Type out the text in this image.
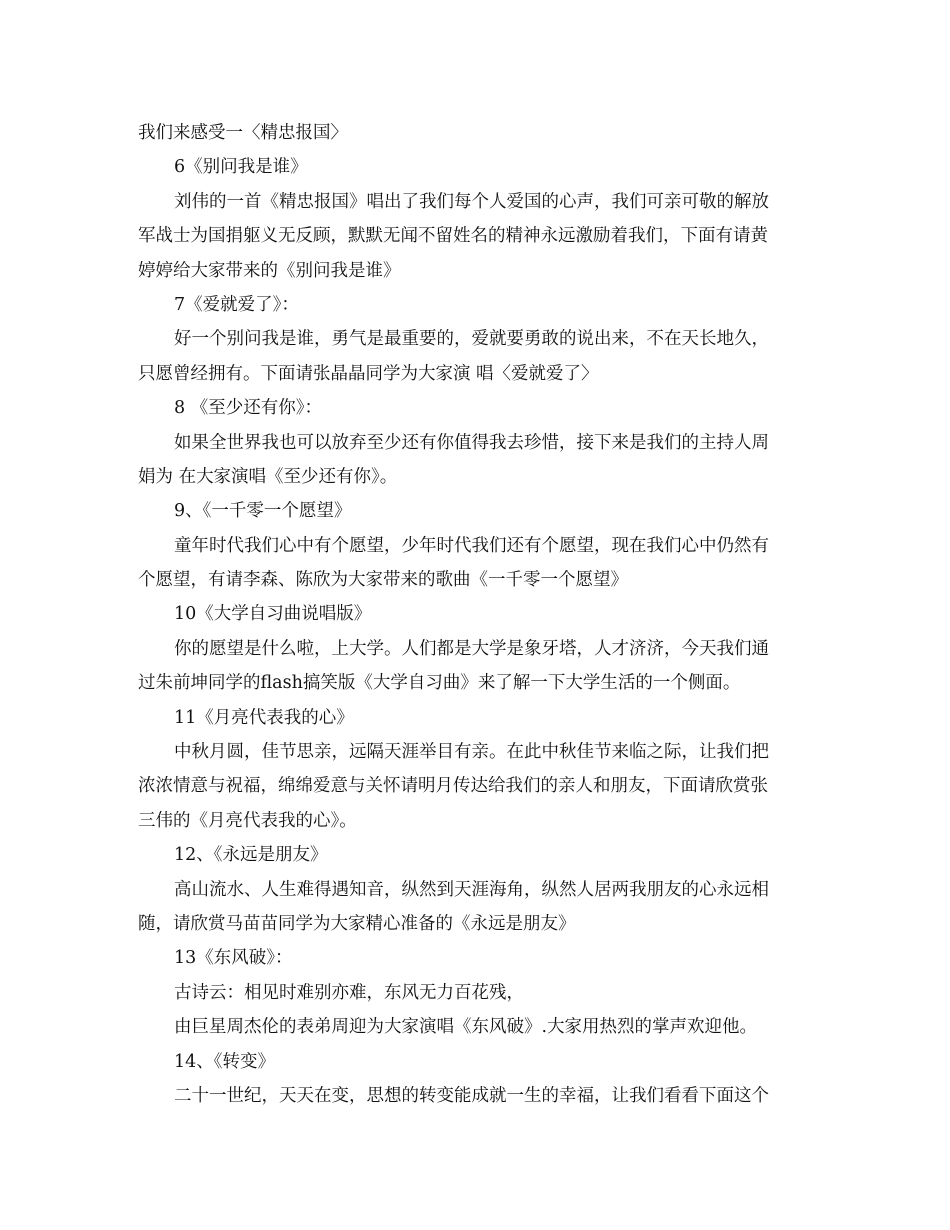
我们来感受一〈精忠报国〉
6《别问我是谁》
刘伟的一首《精忠报国》唱出了我们每个人爱国的心声，我们可亲可敬的解放
军战士为国捐躯义无反顾，默默无闻不留姓名的精神永远激励着我们，下面有请黄
婷婷给大家带来的《别问我是谁》
7《爱就爱了》：
好一个别问我是谁，勇气是最重要的，爱就要勇敢的说出来，不在天长地久，
只愿曾经拥有。下面请张晶晶同学为大家演 唱〈爱就爱了〉
8 《至少还有你》：
如果全世界我也可以放弃至少还有你值得我去珍惜，接下来是我们的主持人周
娟为 在大家演唱《至少还有你》。
9、《一千零一个愿望》
童年时代我们心中有个愿望，少年时代我们还有个愿望，现在我们心中仍然有
个愿望，有请李森、陈欣为大家带来的歌曲《一千零一个愿望》
10《大学自习曲说唱版》
你的愿望是什么啦，上大学。人们都是大学是象牙塔，人才济济，今天我们通
过朱前坤同学的flash搞笑版《大学自习曲》来了解一下大学生活的一个侧面。
11《月亮代表我的心》
中秋月圆，佳节思亲，远隔天涯举目有亲。在此中秋佳节来临之际，让我们把
浓浓情意与祝福，绵绵爱意与关怀请明月传达给我们的亲人和朋友，下面请欣赏张
三伟的《月亮代表我的心》。
12、《永远是朋友》
高山流水、人生难得遇知音，纵然到天涯海角，纵然人居两我朋友的心永远相
随，请欣赏马苗苗同学为大家精心准备的《永远是朋友》
13《东风破》：
古诗云：相见时难别亦难，东风无力百花残，
由巨星周杰伦的表弟周迎为大家演唱《东风破》.大家用热烈的掌声欢迎他。
14、《转变》
二十一世纪，天天在变，思想的转变能成就一生的幸福，让我们看看下面这个
